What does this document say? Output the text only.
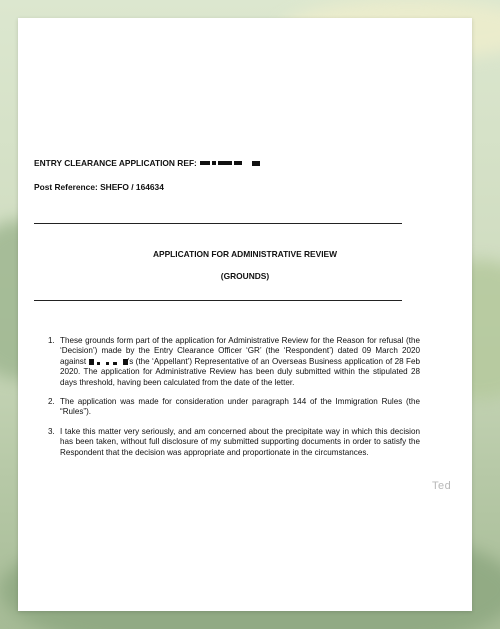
ENTRY CLEARANCE APPLICATION REF:
Post Reference: SHEFO / 164634
APPLICATION FOR ADMINISTRATIVE REVIEW
(GROUNDS)
1. These grounds form part of the application for Administrative Review for the Reason for refusal (the ‘Decision’) made by the Entry Clearance Officer ‘GR’ (the ‘Respondent’) dated 09 March 2020 against	’s (the ‘Appellant’) Representative of an Overseas Business application of 28 Feb 2020. The application for Administrative Review has been duly submitted within the stipulated 28 days threshold, having been calculated from the date of the letter.
2. The application was made for consideration under paragraph 144 of the Immigration Rules (the “Rules”).
3. I take this matter very seriously, and am concerned about the precipitate way in which this decision has been taken, without full disclosure of my submitted supporting documents in order to satisfy the Respondent that the decision was appropriate and proportionate in the circumstances.
Ted
